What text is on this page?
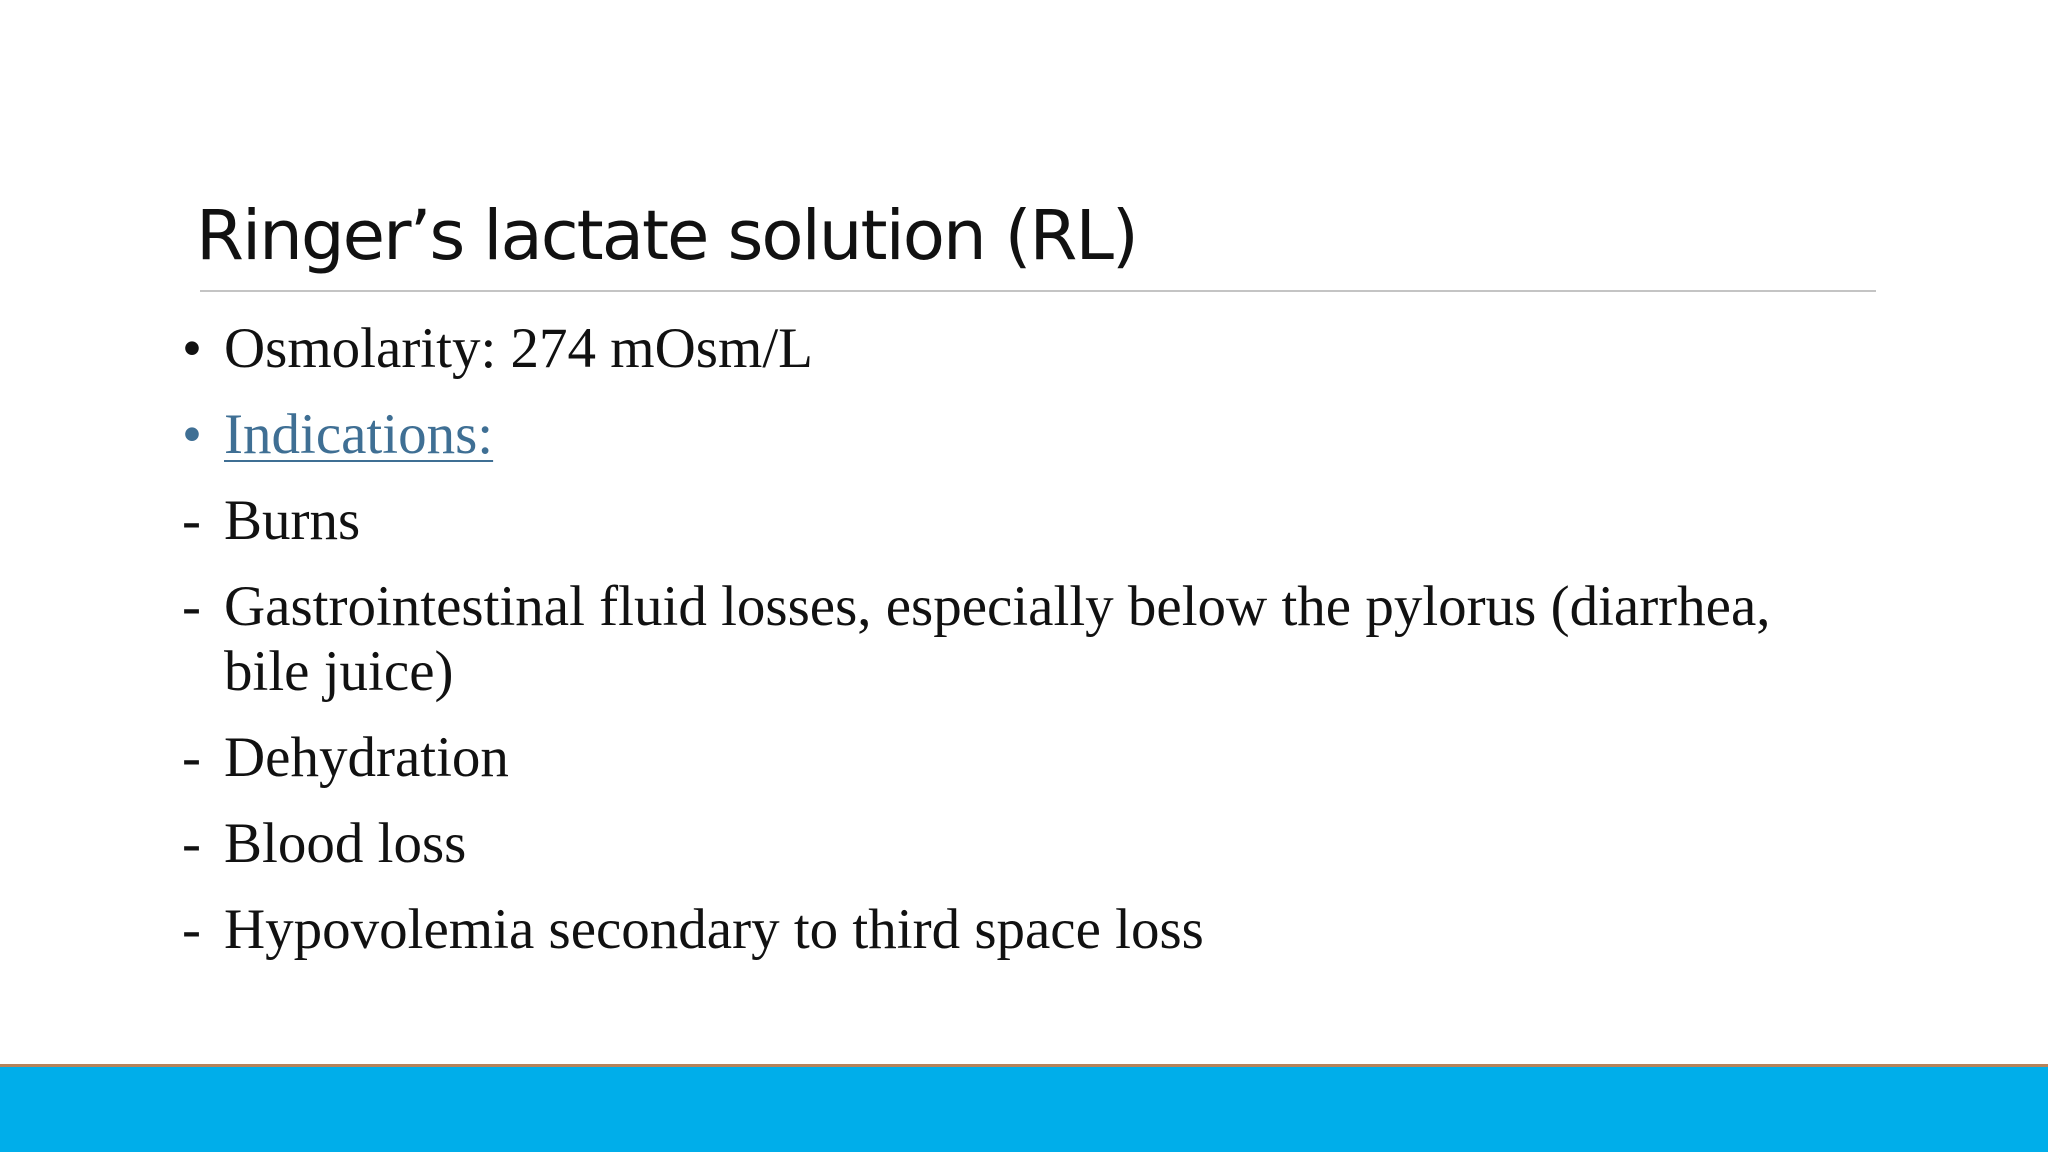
Ringer’s lactate solution (RL)
• Osmolarity: 274 mOsm/L
• Indications:
- Burns
- Gastrointestinal fluid losses, especially below the pylorus (diarrhea, bile juice)
- Dehydration
- Blood loss
- Hypovolemia secondary to third space loss
